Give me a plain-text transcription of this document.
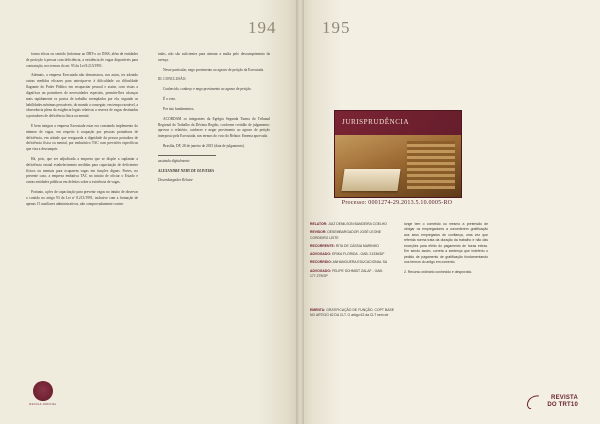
194

forma eficaz ou sentido (informar ao DRT-x ao INSS, além de entidades de proteção à pessoa com deficiência, a existência de vagas disponíveis para contratação, nos termos do art. 93 da Lei 8.213/1991.

Ademais, a empresa Executada não demonstrou, nos autos, ter adotado outras medidas eficazes para antecipar-se à dificuldade ou dificuldade flagrante do Poder Público em recapacitar pessoal e assim, com vistas a dignificar un portadores de necessidades especiais, permitir-lhes alcançar mais rapidamente os postos de trabalho exemplados por ela, segundo as habilidades mínimas pessoáveis, do mundo a conseguir, em tempo razoável, a observância plena da exigência legais relativas a reserva de vagas destinadas a portadores de deficiência física ou mental.

E bem integrar a empresa Executada estar era constando implemento do número de vagas, em respeito à ocupação por pessoas portadoras de deficiência, em atitude que ressguarda a dignidade da pessoa portadora de deficiência física ou mental, por embatisívo TAC com previsões específicas que visa a descumprir.

Há, pois, que ser adjudicada a empresa que se dispõe a suplantar a deficiência estatal estabelecimento medidas para capacitação de deficientes físicos ou mentais para ocuparem vagas em funções dignas. Portes, no presente caso, a empresa embativa TAC no intuito de oficiar o Estado e outras entidades públicas em defeitos sobre a existência de vagas.

Portanto, ações de capacitação para prevenir vagas no intuito de observar o contido no artigo 93 da Lei nº 8.213/1991, inclusive com a formação de apenas 15 auxiliares administrativos, não comprovadamente contra-

tados, não são suficientes para atenuar a multa pelo descumprimento da avença.

Nesse particular, nego provimento ao agravo de petição da Executada.

III. CONCLUSÃO:

Conhecido, conheço e nego provimento ao agravo de petição.

É o voto.

Por tais fundamentos,

ACORDAM os integrantes da Egrégia Segunda Turma do Tribunal Regional do Trabalho da Décima Região, conforme certidão de julgamento: aprovar o relatório, conhecer e negar provimento ao agravo de petição interposto pela Executada, nos termos do voto do Relator. Ementa aprovada.

Brasília, DF, 28 de janeiro de 2015 (data de julgamento).

assinado digitalmente

ALEXANDRE NERY DE OLIVEIRA

Desembargador Relator

ESCOLA JUDICIAL
195
JURISPRUDÊNCIA
Processo: 0001274-29.2013.5.10.0005-RO

RELATOR: JUIZ DENILSON BANDEIRA COELHO

REVISOR: DESEMBARGADOR JOSÉ LEONE CORDEIRO LEITE

RECORRENTE: RITA DE CÁSSIA MARINHO

ADVOGADO: ERIKA FLORIDA - OAB: 21336/DF

RECORRIDO: ANHANGUERA EDUCACIONAL SA

ADVOGADO: FELIPE SCHMIDT ZALAF - OAB: 177.279/SP

longe tem o cometido ou mesmo a pretensão de obrigar os empregadores a concederem gratificação aos seus empregados de confiança, uma vez que referida norma trata da duração da trabalho e não das exceções para efeito do pagamento de horas extras. Em sendo assim, correta a sentença que indeferiu o pedido de pagamento de gratificação fundamentando nos termos do artigo em comento.

2. Recurso ordinário conhecido e desprovido.

EMENTA: GRATIFICAÇÃO DE FUNÇÃO. COPT BASE NO ARTIGO 62 DA CLT. O artigo 62 da CLT nem de
REVISTA
DO TRT10
